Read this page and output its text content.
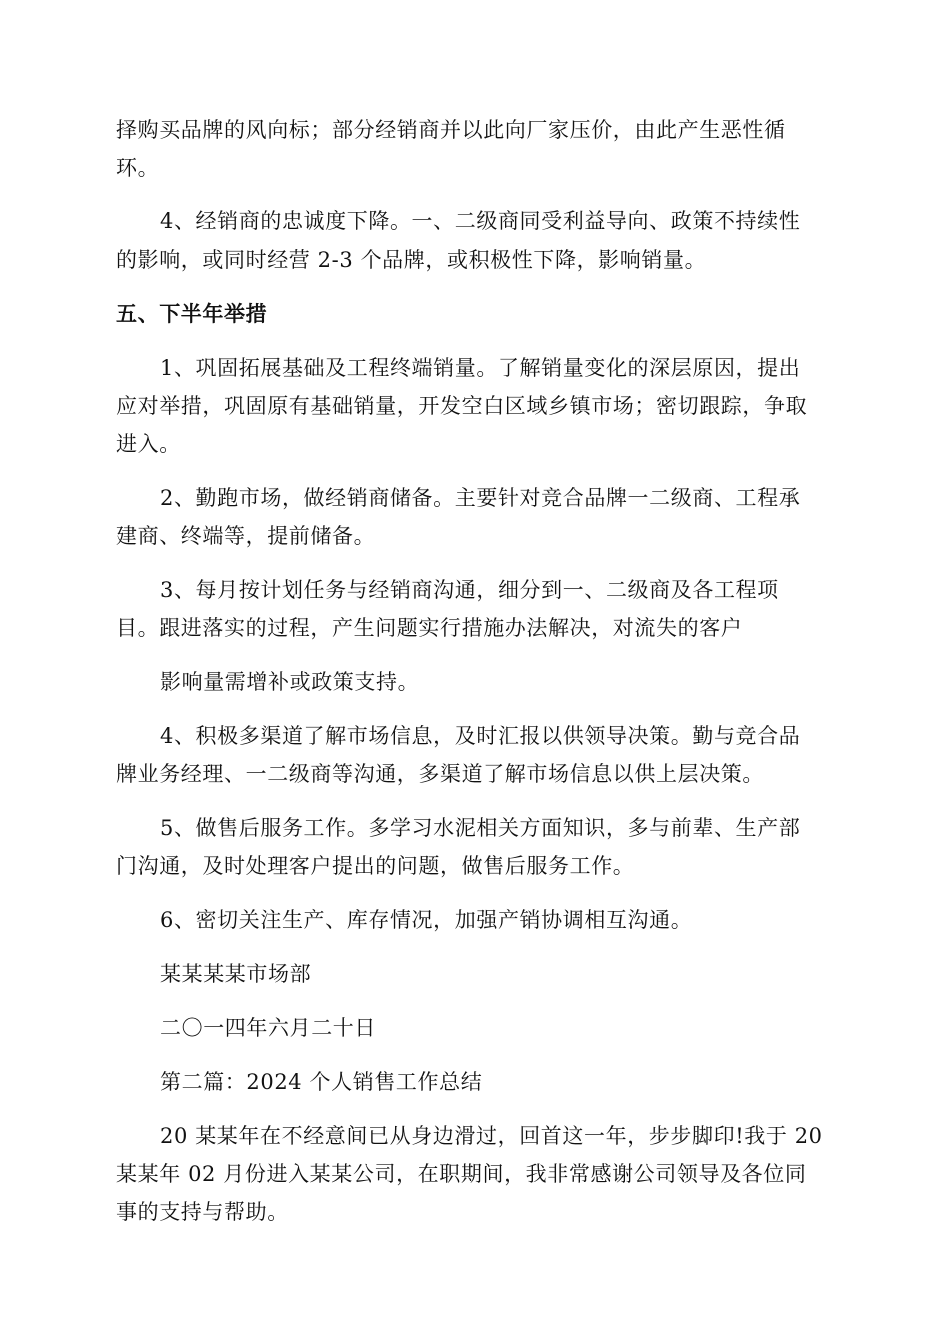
择购买品牌的风向标；部分经销商并以此向厂家压价，由此产生恶性循
环。
4、经销商的忠诚度下降。一、二级商同受利益导向、政策不持续性
的影响，或同时经营 2-3 个品牌，或积极性下降，影响销量。
五、下半年举措
1、巩固拓展基础及工程终端销量。了解销量变化的深层原因，提出
应对举措，巩固原有基础销量，开发空白区域乡镇市场；密切跟踪，争取
进入。
2、勤跑市场，做经销商储备。主要针对竞合品牌一二级商、工程承
建商、终端等，提前储备。
3、每月按计划任务与经销商沟通，细分到一、二级商及各工程项
目。跟进落实的过程，产生问题实行措施办法解决，对流失的客户
影响量需增补或政策支持。
4、积极多渠道了解市场信息，及时汇报以供领导决策。勤与竞合品
牌业务经理、一二级商等沟通，多渠道了解市场信息以供上层决策。
5、做售后服务工作。多学习水泥相关方面知识，多与前辈、生产部
门沟通，及时处理客户提出的问题，做售后服务工作。
6、密切关注生产、库存情况，加强产销协调相互沟通。
某某某某市场部
二〇一四年六月二十日
第二篇：2024 个人销售工作总结
20 某某年在不经意间已从身边滑过，回首这一年，步步脚印!我于 20
某某年 02 月份进入某某公司，在职期间，我非常感谢公司领导及各位同
事的支持与帮助。
